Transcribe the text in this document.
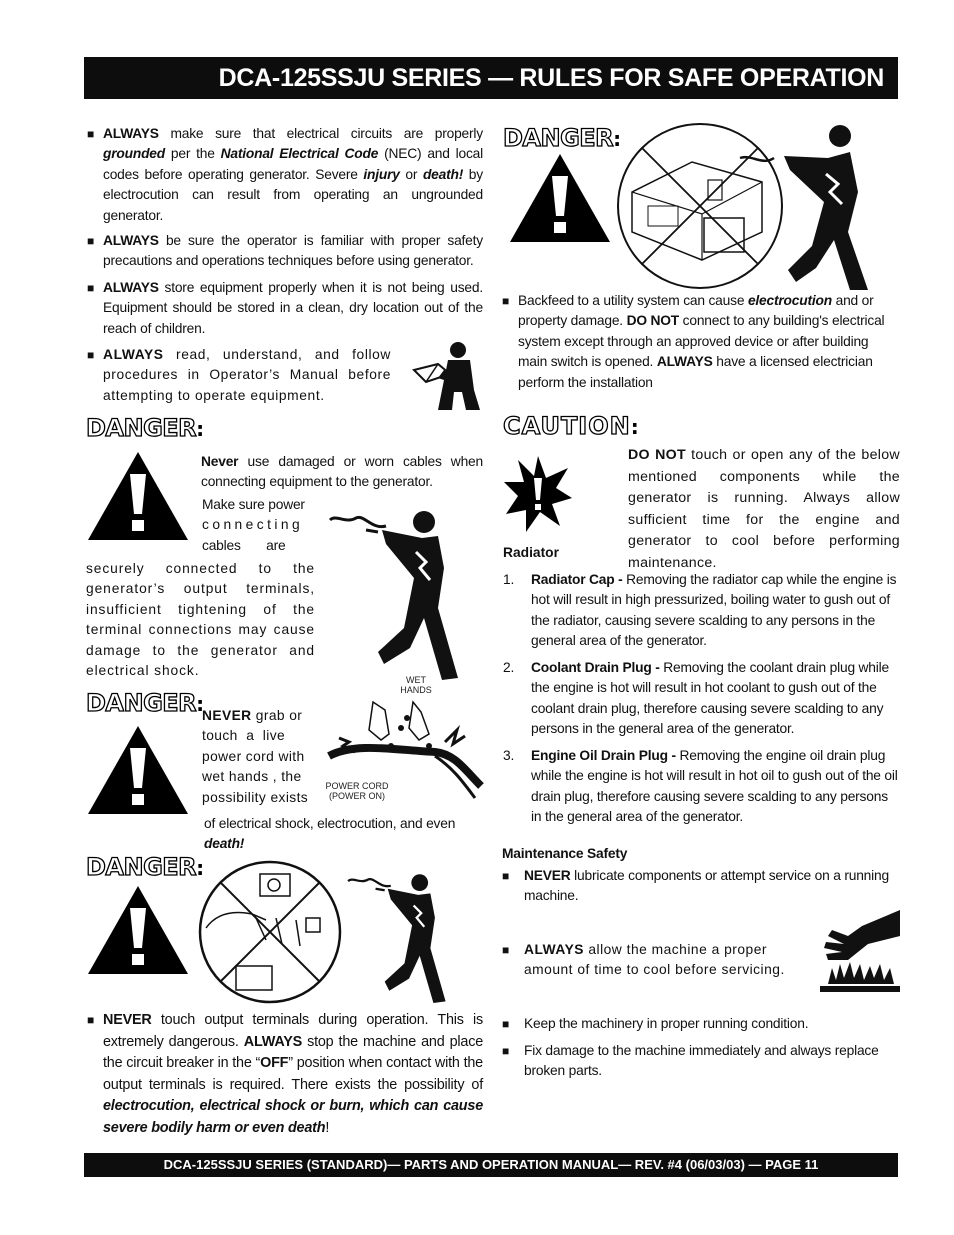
DCA-125SSJU SERIES — RULES FOR SAFE OPERATION
■ ALWAYS make sure that electrical circuits are properly grounded per the National Electrical Code (NEC) and local codes before operating generator. Severe injury or death! by electrocution can result from operating an ungrounded generator.
■ ALWAYS be sure the operator is familiar with proper safety precautions and operations techniques before using generator.
■ ALWAYS store equipment properly when it is not being used. Equipment should be stored in a clean, dry location out of the reach of children.
■ ALWAYS read, understand, and follow procedures in Operator’s Manual before attempting to operate equipment.
DANGER:
Never use damaged or worn cables when connecting equipment to the generator.
Make sure power
c o n n e c t i n g
cables       are
securely connected to the generator’s output terminals, insufficient tightening of the terminal connections may cause damage to the generator and electrical shock.
DANGER:
NEVER grab or
touch  a  live
power cord with
wet hands , the
possibility exists
of electrical shock, electrocution, and even death!
WET HANDS
POWER CORD (POWER ON)
DANGER:
■ NEVER touch output terminals during operation. This is extremely dangerous. ALWAYS stop the machine and place the circuit breaker in the “OFF” position when contact with the output terminals is required. There exists the possibility of electrocution, electrical shock or burn, which can cause severe bodily harm or even death!
DANGER:
■ Backfeed to a utility system can cause electrocution and or property damage. DO NOT connect to any building's electrical system except through an approved device or after building main switch is opened. ALWAYS have a licensed electrician perform the installation
CAUTION:
Radiator
DO NOT touch or open any of the below mentioned components while the generator is running. Always allow sufficient time for the engine and generator to cool before performing maintenance.
1. Radiator Cap - Removing the radiator cap while the engine is hot will result in high pressurized, boiling water to gush out of the radiator, causing severe scalding to any persons in the general area of the generator.
2. Coolant Drain Plug - Removing the coolant drain plug while the engine is hot will result in hot coolant to gush out of the coolant drain plug, therefore causing severe scalding to any persons in the general area of the generator.
3. Engine Oil Drain Plug - Removing the engine oil drain plug while the engine is hot will result in hot oil to gush out of the oil drain plug, therefore causing severe scalding to any persons in the general area of the generator.
Maintenance Safety
■ NEVER lubricate components or attempt service on a running machine.
■ ALWAYS allow the machine a proper amount of time to cool before servicing.
■ Keep the machinery in proper running condition.
■ Fix damage to the machine immediately and always replace broken parts.
DCA-125SSJU SERIES (STANDARD)— PARTS AND OPERATION MANUAL— REV. #4 (06/03/03) — PAGE 11
